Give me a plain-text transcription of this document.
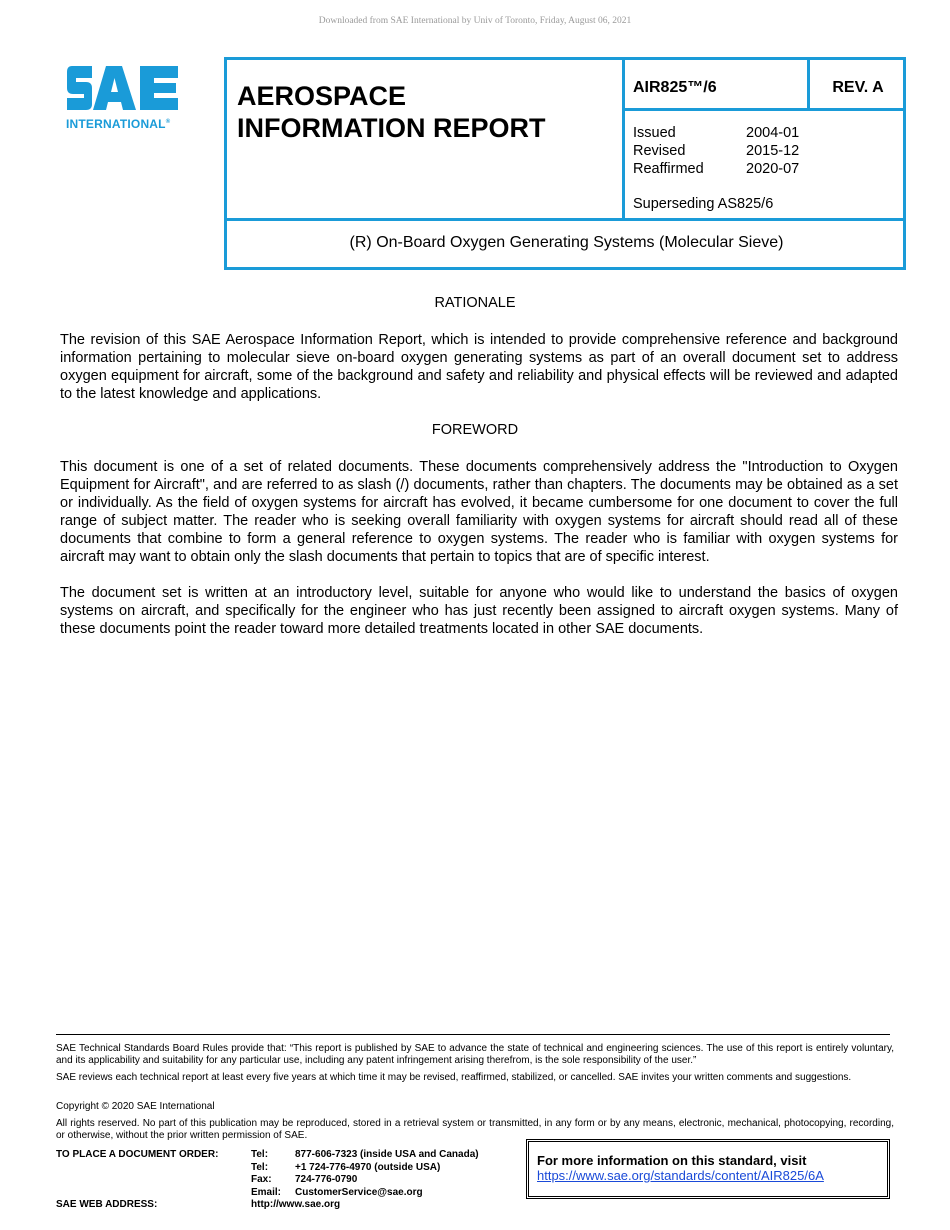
Downloaded from SAE International by Univ of Toronto, Friday, August 06, 2021
INTERNATIONAL®
AEROSPACE
INFORMATION REPORT
AIR825™/6	REV. A
Issued	2004-01
Revised	2015-12
Reaffirmed	2020-07
Superseding AS825/6
(R) On-Board Oxygen Generating Systems (Molecular Sieve)
RATIONALE
The revision of this SAE Aerospace Information Report, which is intended to provide comprehensive reference and background information pertaining to molecular sieve on-board oxygen generating systems as part of an overall document set to address oxygen equipment for aircraft, some of the background and safety and reliability and physical effects will be reviewed and adapted to the latest knowledge and applications.
FOREWORD
This document is one of a set of related documents. These documents comprehensively address the "Introduction to Oxygen Equipment for Aircraft", and are referred to as slash (/) documents, rather than chapters. The documents may be obtained as a set or individually. As the field of oxygen systems for aircraft has evolved, it became cumbersome for one document to cover the full range of subject matter. The reader who is seeking overall familiarity with oxygen systems for aircraft should read all of these documents that combine to form a general reference to oxygen systems. The reader who is familiar with oxygen systems for aircraft may want to obtain only the slash documents that pertain to topics that are of specific interest.
The document set is written at an introductory level, suitable for anyone who would like to understand the basics of oxygen systems on aircraft, and specifically for the engineer who has just recently been assigned to aircraft oxygen systems. Many of these documents point the reader toward more detailed treatments located in other SAE documents.
SAE Technical Standards Board Rules provide that: “This report is published by SAE to advance the state of technical and engineering sciences. The use of this report is entirely voluntary, and its applicability and suitability for any particular use, including any patent infringement arising therefrom, is the sole responsibility of the user.”
SAE reviews each technical report at least every five years at which time it may be revised, reaffirmed, stabilized, or cancelled. SAE invites your written comments and suggestions.
Copyright © 2020 SAE International
All rights reserved. No part of this publication may be reproduced, stored in a retrieval system or transmitted, in any form or by any means, electronic, mechanical, photocopying, recording, or otherwise, without the prior written permission of SAE.
TO PLACE A DOCUMENT ORDER:	Tel:	877-606-7323 (inside USA and Canada)
Tel:	+1 724-776-4970 (outside USA)
Fax:	724-776-0790
Email:	CustomerService@sae.org
SAE WEB ADDRESS:	http://www.sae.org
For more information on this standard, visit
https://www.sae.org/standards/content/AIR825/6A
